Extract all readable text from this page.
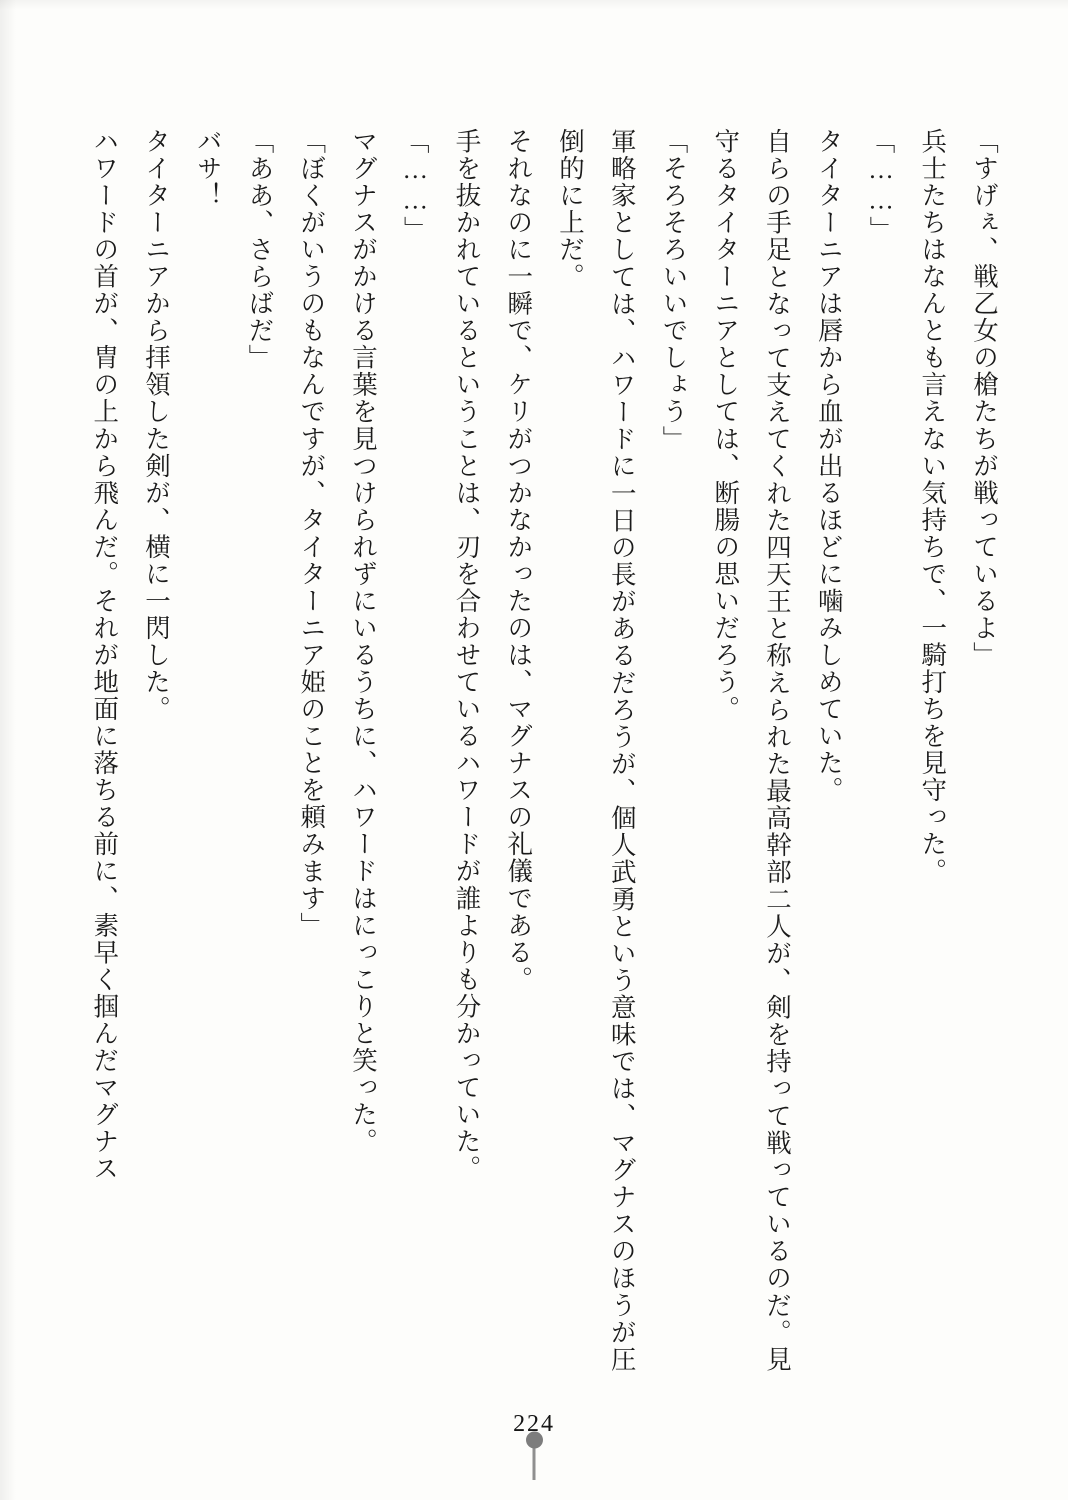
「すげぇ、戦乙女の槍たちが戦っているよ」

兵士たちはなんとも言えない気持ちで、一騎打ちを見守った。

「……」

タイターニアは唇から血が出るほどに噛みしめていた。

自らの手足となって支えてくれた四天王と称えられた最高幹部二人が、剣を持って戦っているのだ。見守るタイターニアとしては、断腸の思いだろう。

「そろそろいいでしょう」

軍略家としては、ハワードに一日の長があるだろうが、個人武勇という意味では、マグナスのほうが圧倒的に上だ。

それなのに一瞬で、ケリがつかなかったのは、マグナスの礼儀である。

手を抜かれているということは、刃を合わせているハワードが誰よりも分かっていた。

「……」

マグナスがかける言葉を見つけられずにいるうちに、ハワードはにっこりと笑った。

「ぼくがいうのもなんですが、タイターニア姫のことを頼みます」

「ああ、さらばだ」

バサ！

タイターニアから拝領した剣が、横に一閃した。

ハワードの首が、胄の上から飛んだ。それが地面に落ちる前に、素早く掴んだマグナス

224
